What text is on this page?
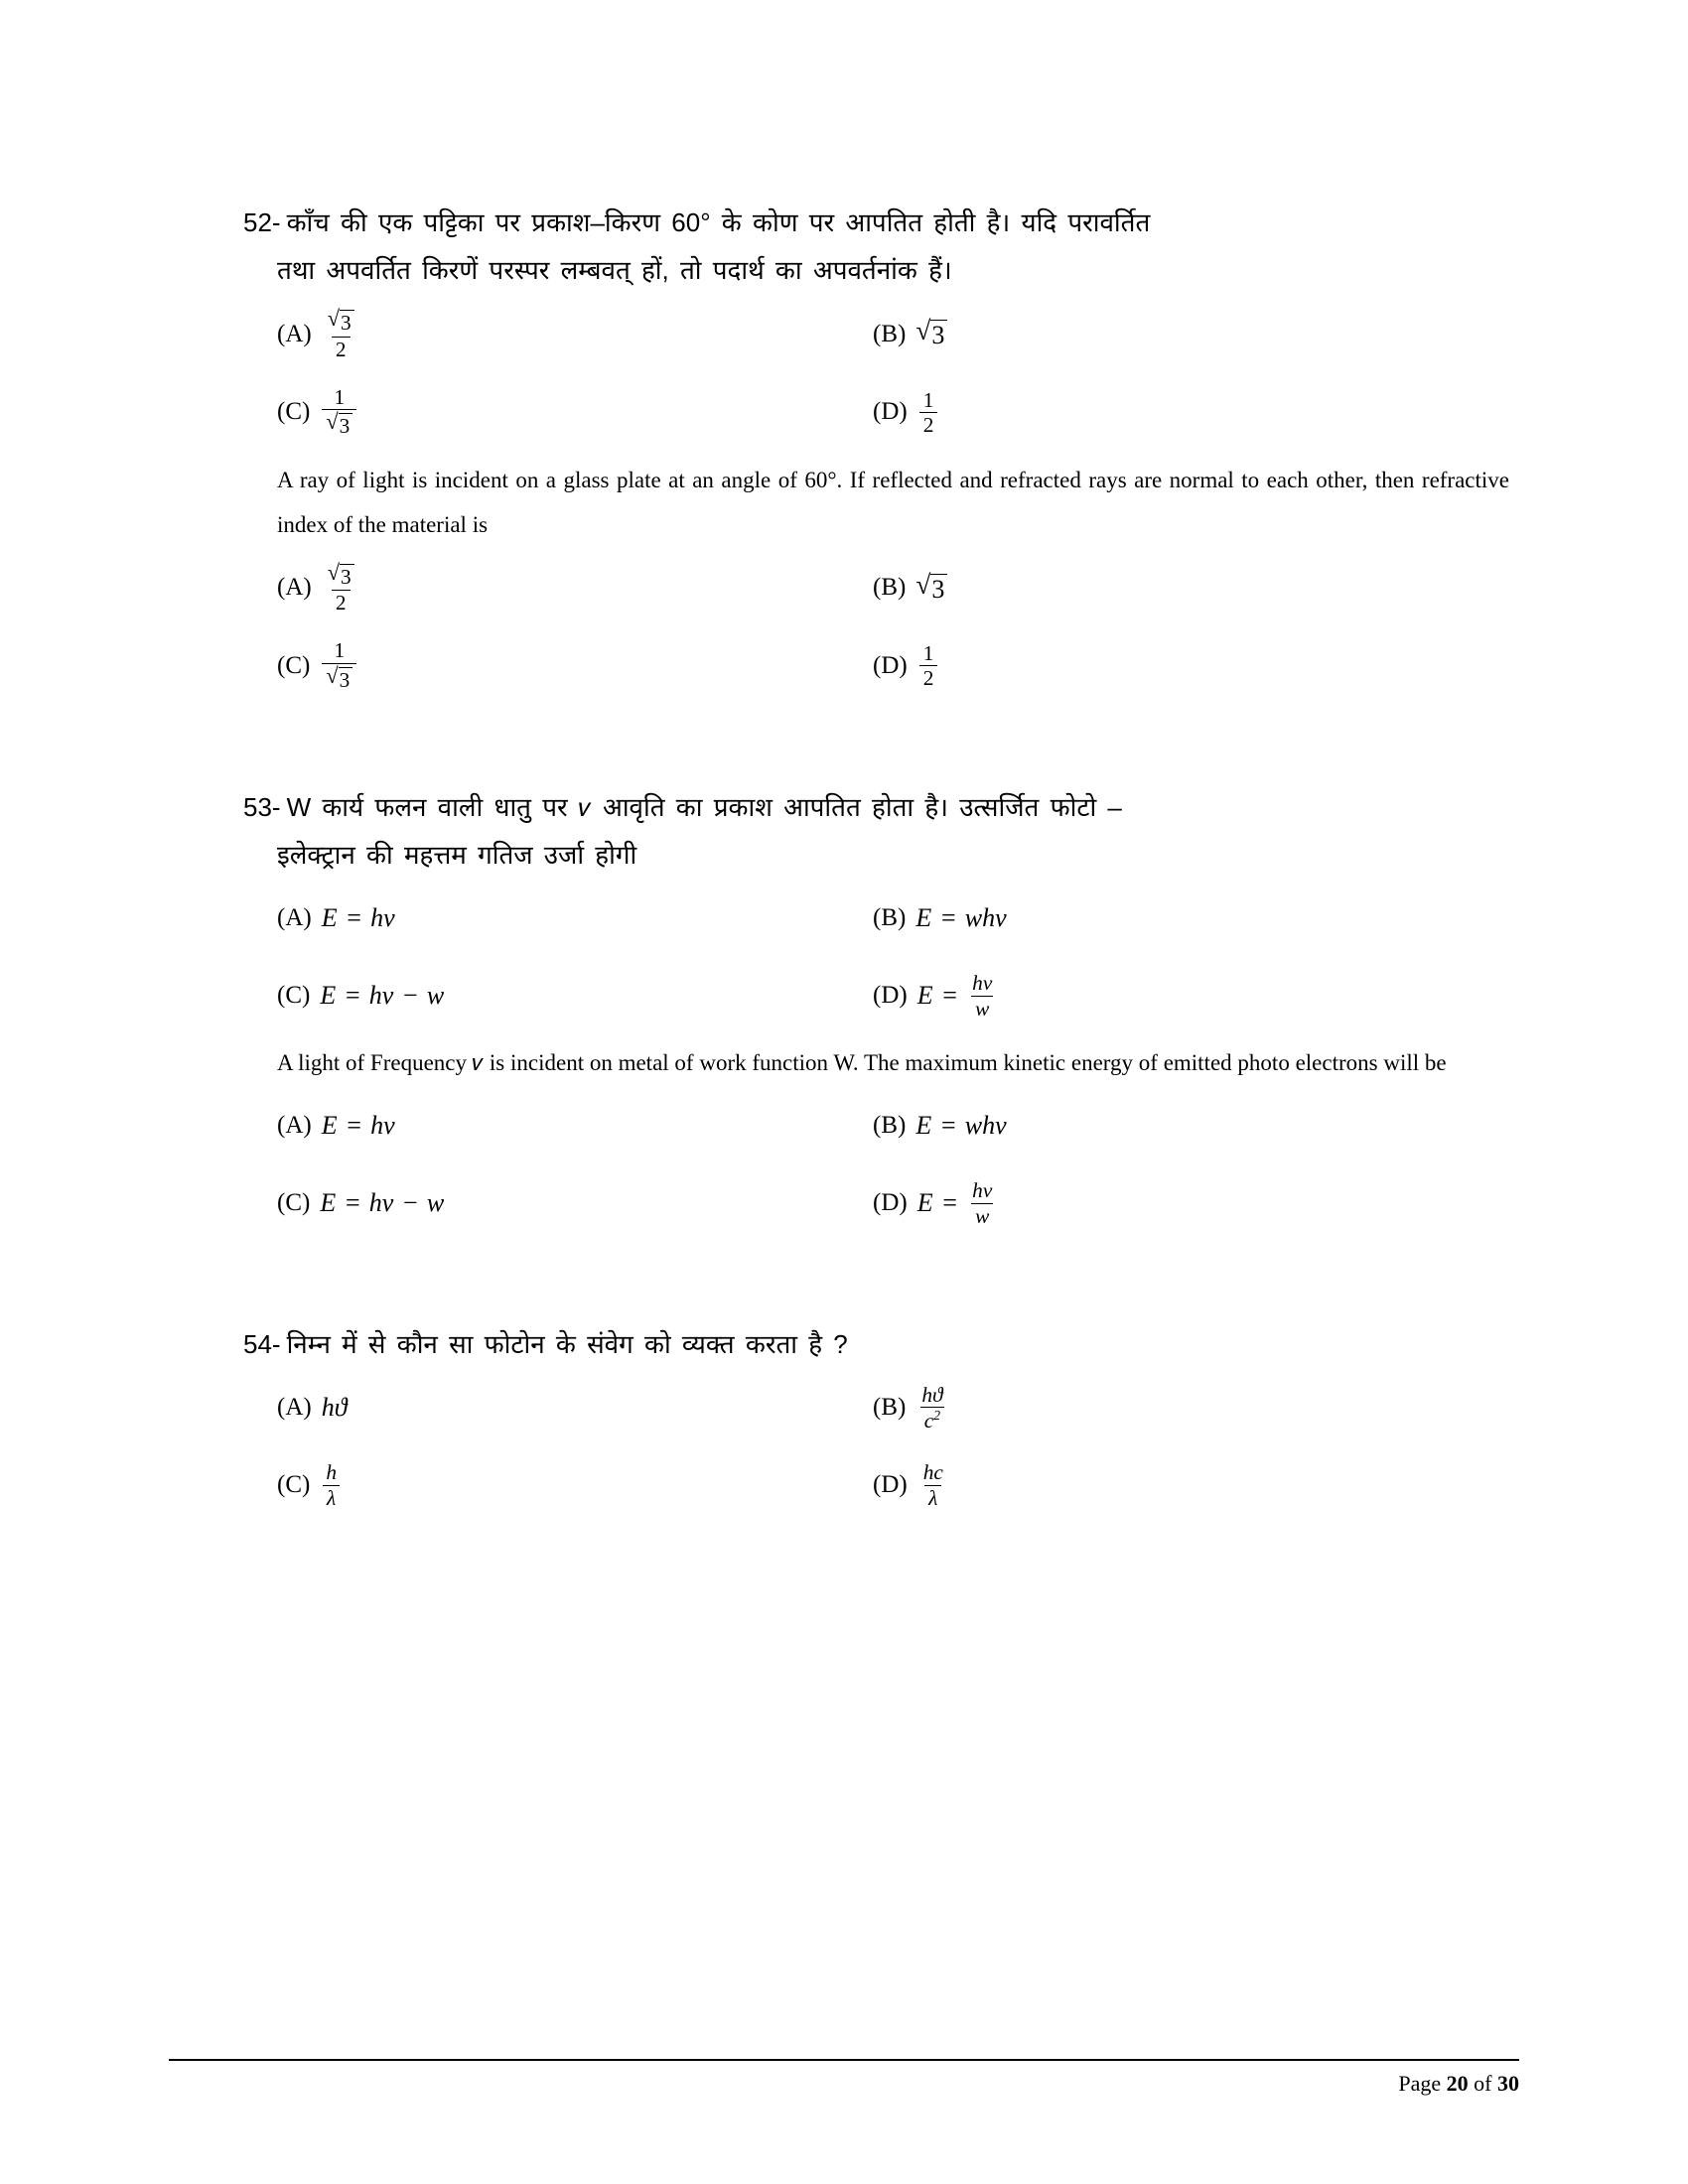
52- काँच की एक पट्टिका पर प्रकाश–किरण 60° के कोण पर आपतित होती है। यदि परावर्तित
तथा अपवर्तित किरणें परस्पर लम्बवत् हों, तो पदार्थ का अपवर्तनांक हैं।
$(A) \frac{√ 3}{2}$	(B) √ 3
$(C) \frac{1}{√ 3}$	$(D) \frac{1}{2}$
A ray of light is incident on a glass plate at an angle of 60°. If reflected and refracted rays are normal to each other, then refractive index of the material is
$(A) \frac{√ 3}{2}$	(B) √ 3
$(C) \frac{1}{√ 3}$	$(D) \frac{1}{2}$
53- W कार्य फलन वाली धातु पर 𝜈 आवृति का प्रकाश आपतित होता है। उत्सर्जित फोटो –
इलेक्ट्रान की महत्तम गतिज उर्जा होगी
(A) E = hν	(B) E = whν
(C) E = hν − w	(D) $E = \frac{h\nu}{w}$
A light of Frequency 𝜈 is incident on metal of work function W. The maximum kinetic energy of emitted photo electrons will be
(A) E = hν	(B) E = whν
(C) E = hν − w	(D) $E = \frac{h\nu}{w}$
54- निम्न में से कौन सा फोटोन के संवेग को व्यक्त करता है ?
(A) hϑ	$(B) \frac{hϑ}{c^2}$
$(C) \frac{h}{\lambda}$	$(D) \frac{hc}{\lambda}$
Page 20 of 30
